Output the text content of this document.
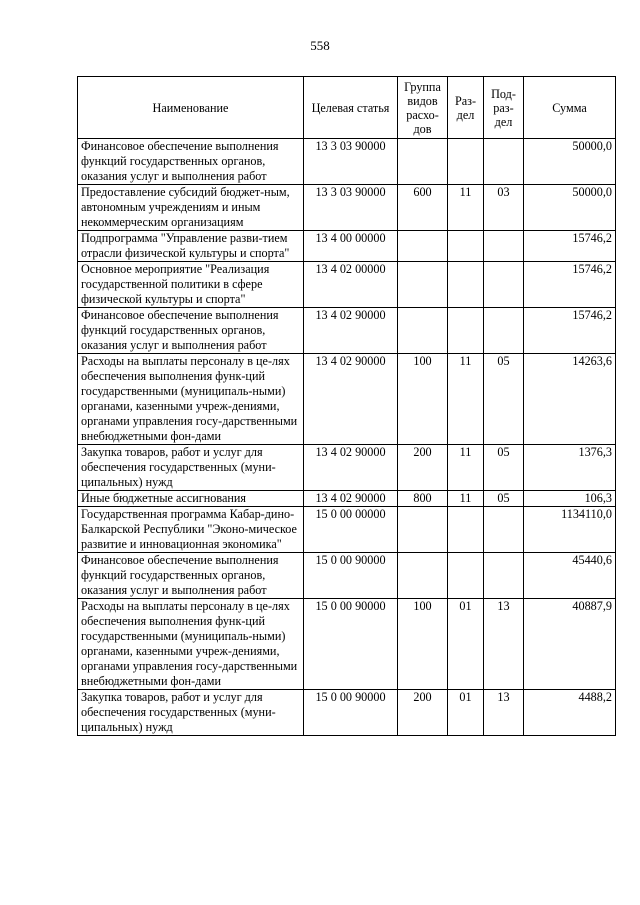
558
Наименование	Целевая статья	Группа видов расхо-дов	Раз-дел	Под-раз-дел	Сумма
Финансовое обеспечение выполнения функций государственных органов, оказания услуг и выполнения работ	13 3 03 90000				50000,0
Предоставление субсидий бюджет-ным, автономным учреждениям и иным некоммерческим организациям	13 3 03 90000	600	11	03	50000,0
Подпрограмма "Управление разви-тием отрасли физической культуры и спорта"	13 4 00 00000				15746,2
Основное мероприятие "Реализация государственной политики в сфере физической культуры и спорта"	13 4 02 00000				15746,2
Финансовое обеспечение выполнения функций государственных органов, оказания услуг и выполнения работ	13 4 02 90000				15746,2
Расходы на выплаты персоналу в це-лях обеспечения выполнения функ-ций государственными (муниципаль-ными) органами, казенными учреж-дениями, органами управления госу-дарственными внебюджетными фон-дами	13 4 02 90000	100	11	05	14263,6
Закупка товаров, работ и услуг для обеспечения государственных (муни-ципальных) нужд	13 4 02 90000	200	11	05	1376,3
Иные бюджетные ассигнования	13 4 02 90000	800	11	05	106,3
Государственная программа Кабар-дино-Балкарской Республики "Эконо-мическое развитие и инновационная экономика"	15 0 00 00000				1134110,0
Финансовое обеспечение выполнения функций государственных органов, оказания услуг и выполнения работ	15 0 00 90000				45440,6
Расходы на выплаты персоналу в це-лях обеспечения выполнения функ-ций государственными (муниципаль-ными) органами, казенными учреж-дениями, органами управления госу-дарственными внебюджетными фон-дами	15 0 00 90000	100	01	13	40887,9
Закупка товаров, работ и услуг для обеспечения государственных (муни-ципальных) нужд	15 0 00 90000	200	01	13	4488,2
